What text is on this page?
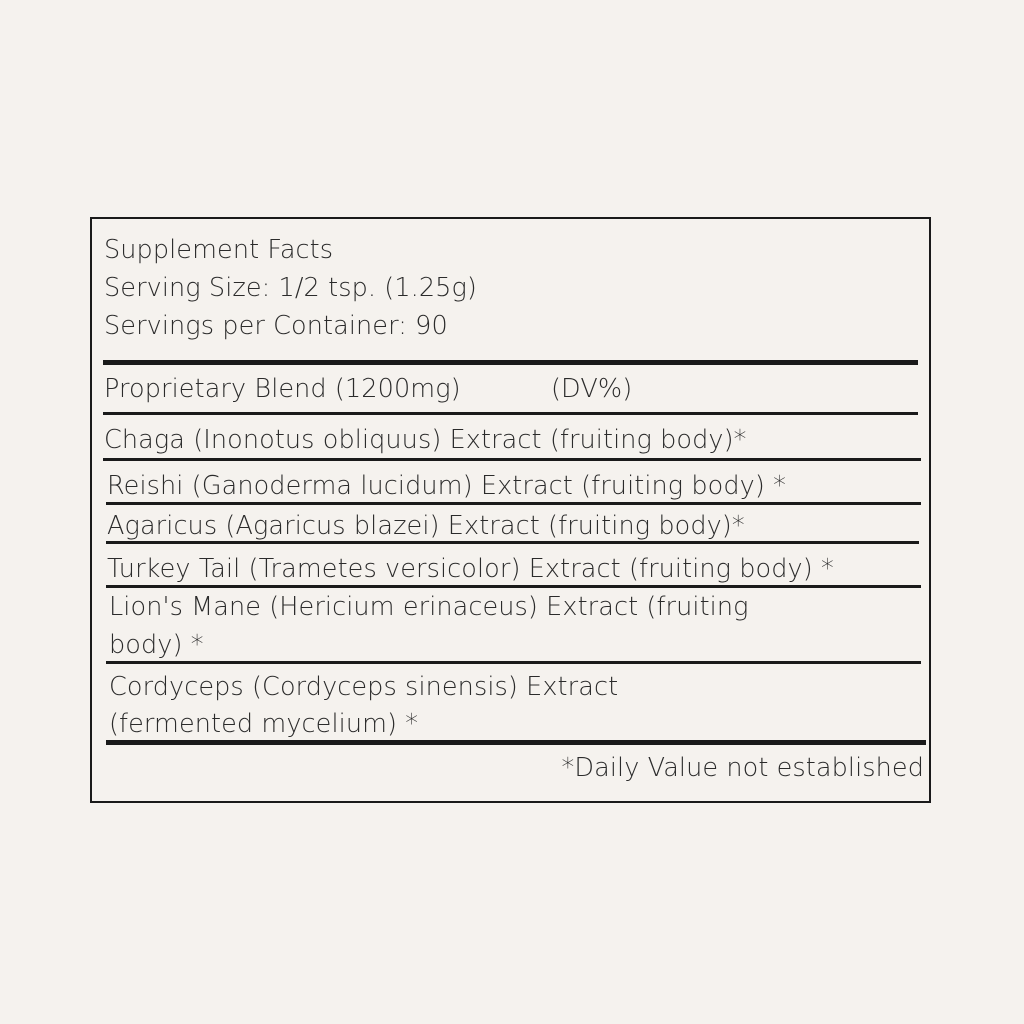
Supplement Facts
Serving Size: 1/2 tsp. (1.25g)
Servings per Container: 90
Proprietary Blend (1200mg)	(DV%)
Chaga (Inonotus obliquus) Extract (fruiting body)*
Reishi (Ganoderma lucidum) Extract (fruiting body) *
Agaricus (Agaricus blazei) Extract (fruiting body)*
Turkey Tail (Trametes versicolor) Extract (fruiting body) *
Lion's Mane (Hericium erinaceus) Extract (fruiting
body) *
Cordyceps (Cordyceps sinensis) Extract
(fermented mycelium) *
*Daily Value not established
